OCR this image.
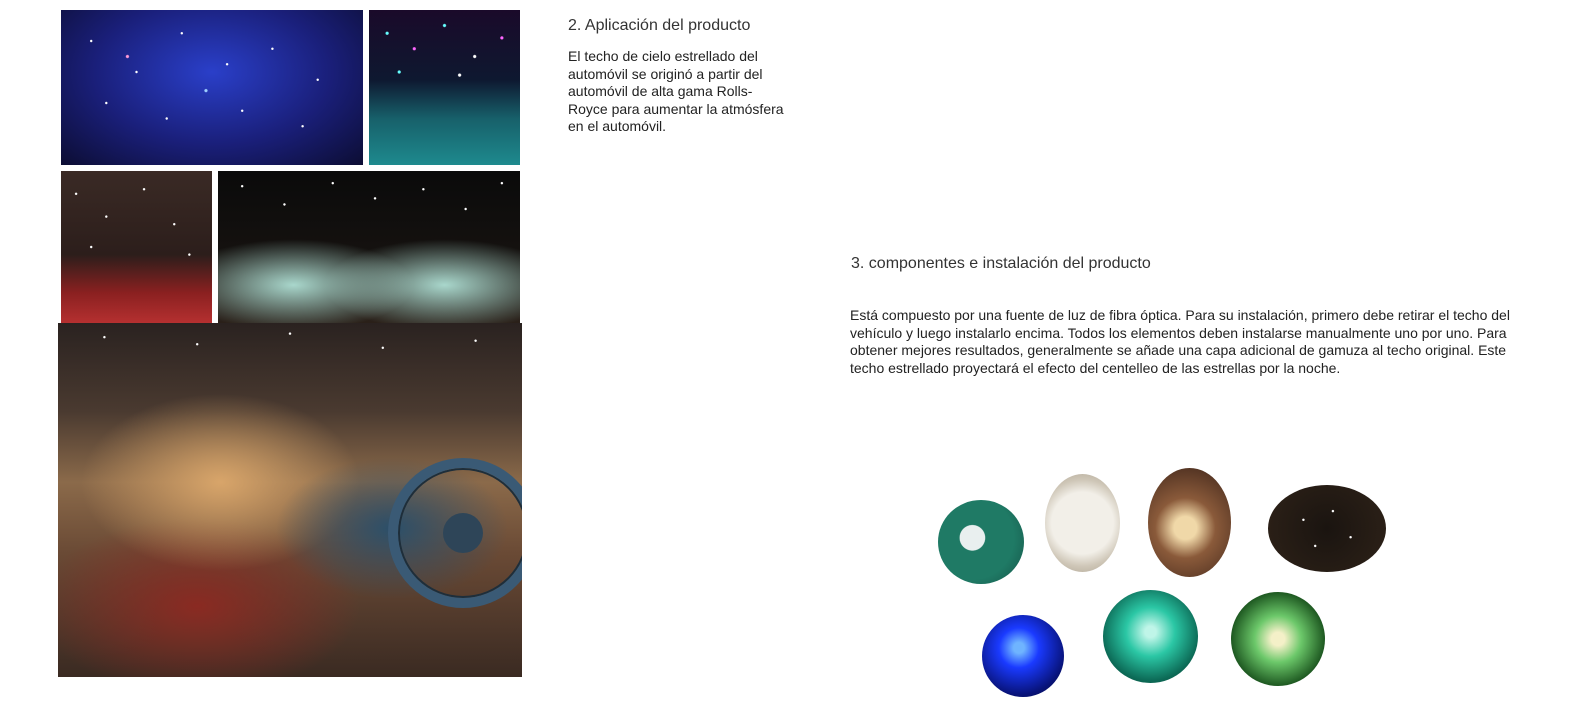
2. Aplicación del producto
El techo de cielo estrellado del automóvil se originó a partir del automóvil de alta gama Rolls-Royce para aumentar la atmósfera en el automóvil.
3. componentes e instalación del producto
Está compuesto por una fuente de luz de fibra óptica. Para su instalación, primero debe retirar el techo del vehículo y luego instalarlo encima. Todos los elementos deben instalarse manualmente uno por uno. Para obtener mejores resultados, generalmente se añade una capa adicional de gamuza al techo original. Este techo estrellado proyectará el efecto del centelleo de las estrellas por la noche.
